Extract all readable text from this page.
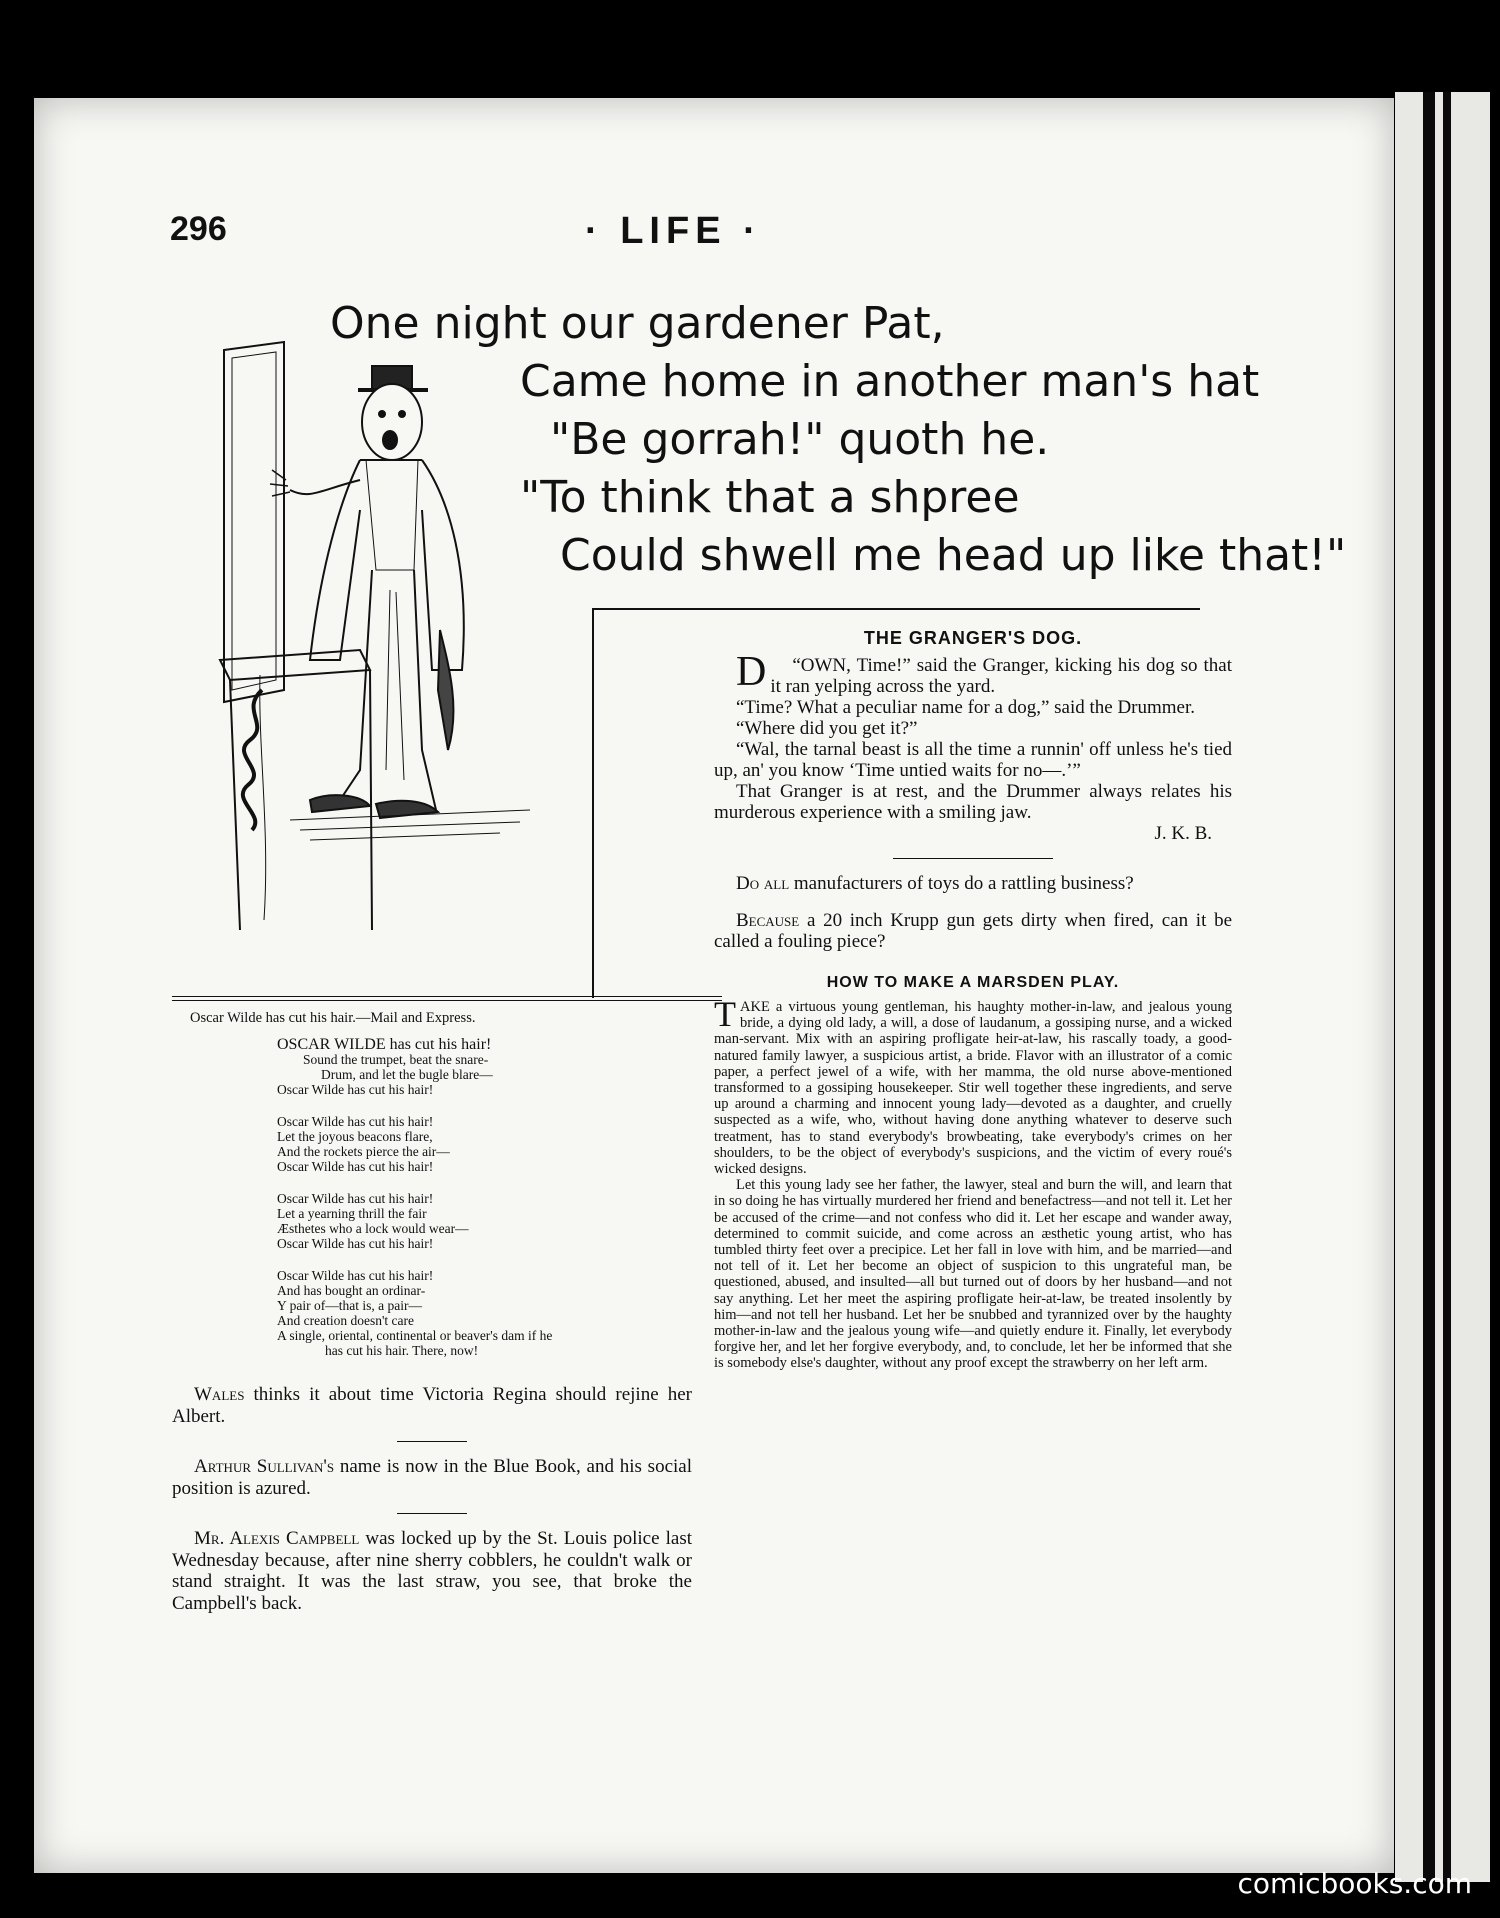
296	· LIFE ·
One night our gardener Pat,
Came home in another man's hat
"Be gorrah!" quoth he.
"To think that a shpree
Could shwell me head up like that!"
THE GRANGER'S DOG.

“
D OWN, Time!” said the Granger, kicking his dog so that it ran yelping across the yard.

“Time? What a peculiar name for a dog,” said the Drummer.

“Where did you get it?”

“Wal, the tarnal beast is all the time a runnin' off unless he's tied up, an' you know ‘Time untied waits for no—.’”

That Granger is at rest, and the Drummer always relates his murderous experience with a smiling jaw.

J. K. B.

Do all manufacturers of toys do a rattling business?

Because a 20 inch Krupp gun gets dirty when fired, can it be called a fouling piece?

HOW TO MAKE A MARSDEN PLAY.

TAKE a virtuous young gentleman, his haughty mother-in-law, and jealous young bride, a dying old lady, a will, a dose of laudanum, a gossiping nurse, and a wicked man-servant. Mix with an aspiring profligate heir-at-law, his rascally toady, a good-natured family lawyer, a suspicious artist, a bride. Flavor with an illustrator of a comic paper, a perfect jewel of a wife, with her mamma, the old nurse above-mentioned transformed to a gossiping housekeeper. Stir well together these ingredients, and serve up around a charming and innocent young lady—devoted as a daughter, and cruelly suspected as a wife, who, without having done anything whatever to deserve such treatment, has to stand everybody's browbeating, take everybody's crimes on her shoulders, to be the object of everybody's suspicions, and the victim of every roué's wicked designs.

Let this young lady see her father, the lawyer, steal and burn the will, and learn that in so doing he has virtually murdered her friend and benefactress—and not tell it. Let her be accused of the crime—and not confess who did it. Let her escape and wander away, determined to commit suicide, and come across an æsthetic young artist, who has tumbled thirty feet over a precipice. Let her fall in love with him, and be married—and not tell of it. Let her become an object of suspicion to this ungrateful man, be questioned, abused, and insulted—all but turned out of doors by her husband—and not say anything. Let her meet the aspiring profligate heir-at-law, be treated insolently by him—and not tell her husband. Let her be snubbed and tyrannized over by the haughty mother-in-law and the jealous young wife—and quietly endure it. Finally, let everybody forgive her, and let her forgive everybody, and, to conclude, let her be informed that she is somebody else's daughter, without any proof except the strawberry on her left arm.

Oscar Wilde has cut his hair.—Mail and Express.

OSCAR WILDE has cut his hair!
Sound the trumpet, beat the snare-
Drum, and let the bugle blare—
Oscar Wilde has cut his hair!
Oscar Wilde has cut his hair!
Let the joyous beacons flare,
And the rockets pierce the air—
Oscar Wilde has cut his hair!
Oscar Wilde has cut his hair!
Let a yearning thrill the fair
Æsthetes who a lock would wear—
Oscar Wilde has cut his hair!
Oscar Wilde has cut his hair!
And has bought an ordinar-
Y pair of—that is, a pair—
And creation doesn't care
A single, oriental, continental or beaver's dam if he
has cut his hair. There, now!

Wales thinks it about time Victoria Regina should rejine her Albert.

Arthur Sullivan's name is now in the Blue Book, and his social position is azured.

Mr. Alexis Campbell was locked up by the St. Louis police last Wednesday because, after nine sherry cobblers, he couldn't walk or stand straight. It was the last straw, you see, that broke the Campbell's back.

comicbooks.com
